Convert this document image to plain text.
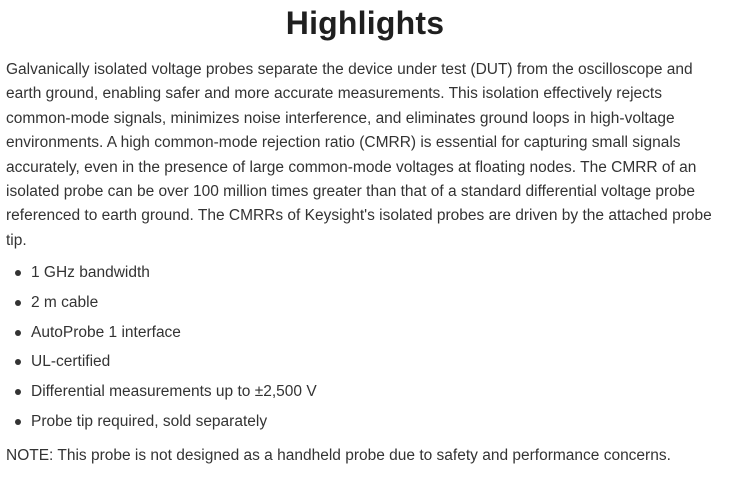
Highlights

Galvanically isolated voltage probes separate the device under test (DUT) from the oscilloscope and earth ground, enabling safer and more accurate measurements. This isolation effectively rejects common-mode signals, minimizes noise interference, and eliminates ground loops in high-voltage environments. A high common-mode rejection ratio (CMRR) is essential for capturing small signals accurately, even in the presence of large common-mode voltages at floating nodes. The CMRR of an isolated probe can be over 100 million times greater than that of a standard differential voltage probe referenced to earth ground. The CMRRs of Keysight's isolated probes are driven by the attached probe tip.

1 GHz bandwidth
2 m cable
AutoProbe 1 interface
UL-certified
Differential measurements up to ±2,500 V
Probe tip required, sold separately

NOTE: This probe is not designed as a handheld probe due to safety and performance concerns.
